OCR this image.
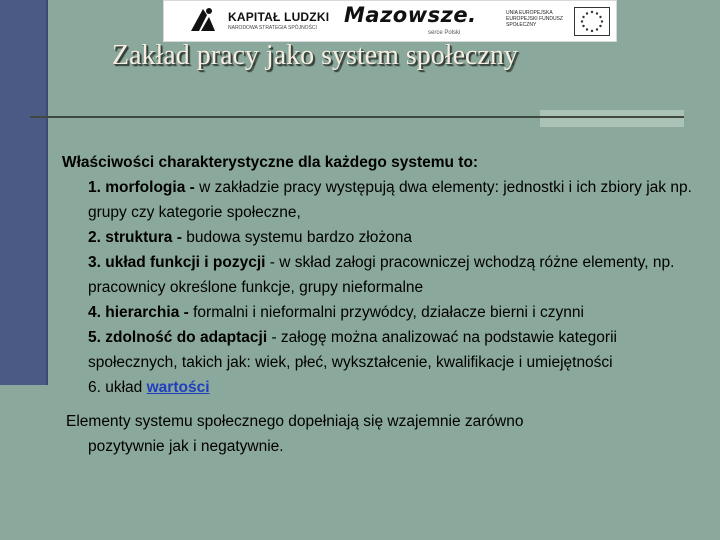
KAPITAŁ LUDZKI
NARODOWA STRATEGIA SPÓJNOŚCI
Mazowsze.
serce Polski
UNIA EUROPEJSKA EUROPEJSKI FUNDUSZ SPOŁECZNY
Zakład pracy jako system społeczny

Właściwości charakterystyczne dla każdego systemu to:

1. morfologia - w zakładzie pracy występują dwa elementy: jednostki i ich zbiory jak np. grupy czy kategorie społeczne,
2. struktura - budowa systemu bardzo złożona
3. układ funkcji i pozycji - w skład załogi pracowniczej wchodzą różne elementy, np. pracownicy określone funkcje, grupy nieformalne
4. hierarchia - formalni i nieformalni przywódcy, działacze bierni i czynni
5. zdolność do adaptacji - załogę można analizować na podstawie kategorii społecznych, takich jak: wiek, płeć, wykształcenie, kwalifikacje i umiejętności
6. układ wartości

Elementy systemu społecznego dopełniają się wzajemnie zarówno
pozytywnie jak i negatywnie.
